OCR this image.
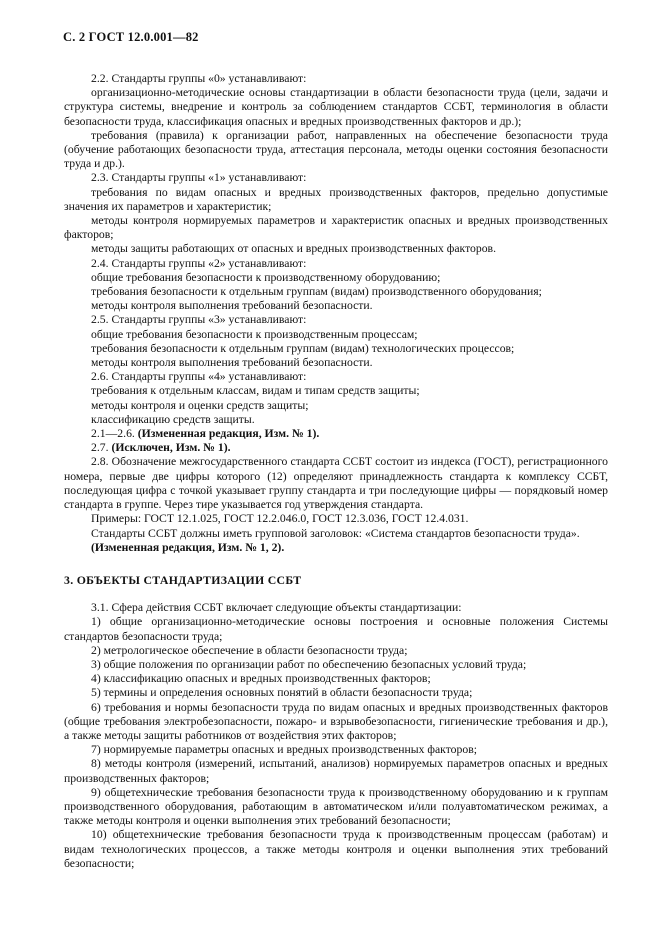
С. 2 ГОСТ 12.0.001—82

2.2. Стандарты группы «0» устанавливают:

организационно-методические основы стандартизации в области безопасности труда (цели, задачи и структура системы, внедрение и контроль за соблюдением стандартов ССБТ, терминология в области безопасности труда, классификация опасных и вредных производственных факторов и др.);

требования (правила) к организации работ, направленных на обеспечение безопасности труда (обучение работающих безопасности труда, аттестация персонала, методы оценки состояния безопасности труда и др.).

2.3. Стандарты группы «1» устанавливают:

требования по видам опасных и вредных производственных факторов, предельно допустимые значения их параметров и характеристик;

методы контроля нормируемых параметров и характеристик опасных и вредных производственных факторов;

методы защиты работающих от опасных и вредных производственных факторов.

2.4. Стандарты группы «2» устанавливают:

общие требования безопасности к производственному оборудованию;

требования безопасности к отдельным группам (видам) производственного оборудования;

методы контроля выполнения требований безопасности.

2.5. Стандарты группы «3» устанавливают:

общие требования безопасности к производственным процессам;

требования безопасности к отдельным группам (видам) технологических процессов;

методы контроля выполнения требований безопасности.

2.6. Стандарты группы «4» устанавливают:

требования к отдельным классам, видам и типам средств защиты;

методы контроля и оценки средств защиты;

классификацию средств защиты.

2.1—2.6. (Измененная редакция, Изм. № 1).

2.7. (Исключен, Изм. № 1).

2.8. Обозначение межгосударственного стандарта ССБТ состоит из индекса (ГОСТ), регистрационного номера, первые две цифры которого (12) определяют принадлежность стандарта к комплексу ССБТ, последующая цифра с точкой указывает группу стандарта и три последующие цифры — порядковый номер стандарта в группе. Через тире указывается год утверждения стандарта.

Примеры: ГОСТ 12.1.025, ГОСТ 12.2.046.0, ГОСТ 12.3.036, ГОСТ 12.4.031.

Стандарты ССБТ должны иметь групповой заголовок: «Система стандартов безопасности труда».

(Измененная редакция, Изм. № 1, 2).

3. ОБЪЕКТЫ СТАНДАРТИЗАЦИИ ССБТ

3.1. Сфера действия ССБТ включает следующие объекты стандартизации:

1) общие организационно-методические основы построения и основные положения Системы стандартов безопасности труда;

2) метрологическое обеспечение в области безопасности труда;

3) общие положения по организации работ по обеспечению безопасных условий труда;

4) классификацию опасных и вредных производственных факторов;

5) термины и определения основных понятий в области безопасности труда;

6) требования и нормы безопасности труда по видам опасных и вредных производственных факторов (общие требования электробезопасности, пожаро- и взрывобезопасности, гигиенические требования и др.), а также методы защиты работников от воздействия этих факторов;

7) нормируемые параметры опасных и вредных производственных факторов;

8) методы контроля (измерений, испытаний, анализов) нормируемых параметров опасных и вредных производственных факторов;

9) общетехнические требования безопасности труда к производственному оборудованию и к группам производственного оборудования, работающим в автоматическом и/или полуавтоматическом режимах, а также методы контроля и оценки выполнения этих требований безопасности;

10) общетехнические требования безопасности труда к производственным процессам (работам) и видам технологических процессов, а также методы контроля и оценки выполнения этих требований безопасности;
